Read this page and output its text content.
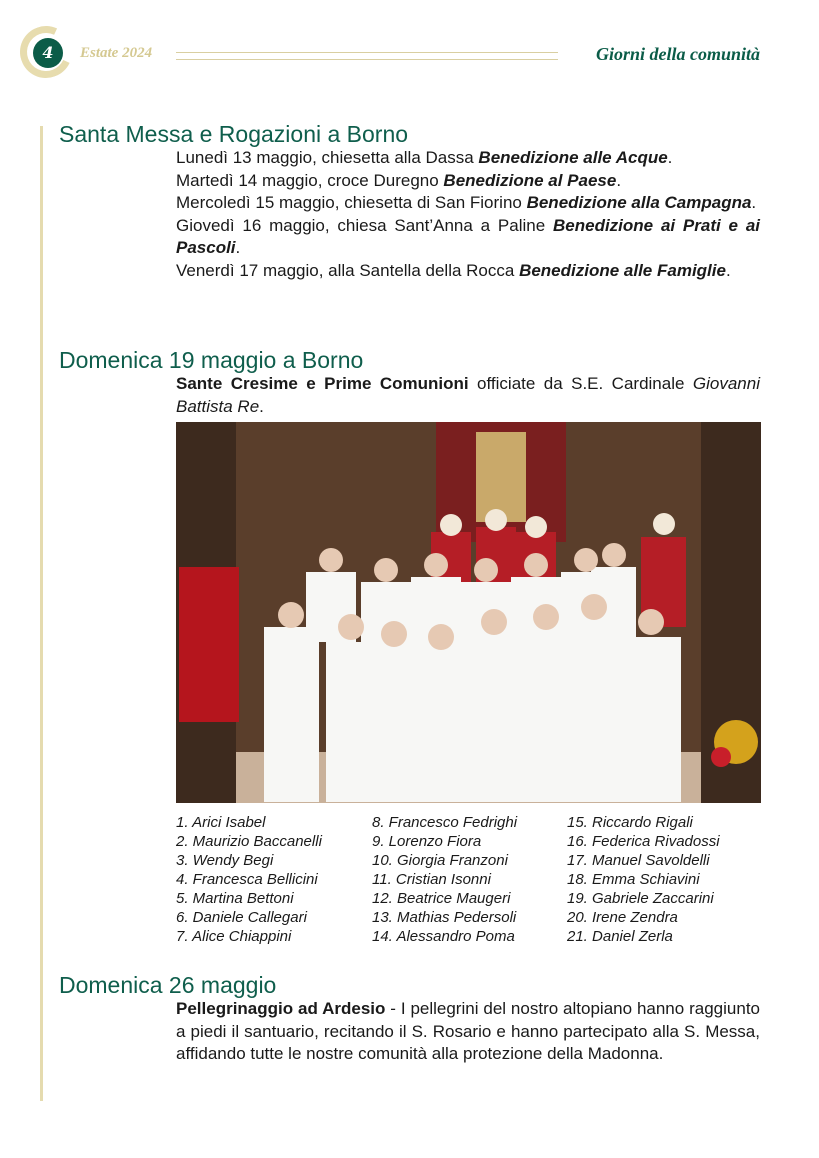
4	Estate 2024	Giorni della comunità
Santa Messa e Rogazioni a Borno

Lunedì 13 maggio, chiesetta alla Dassa Benedizione alle Acque.

Martedì 14 maggio, croce Duregno Benedizione al Paese.

Mercoledì 15 maggio, chiesetta di San Fiorino Benedizione alla Campagna.

Giovedì 16 maggio, chiesa Sant’Anna a Paline Benedizione ai Prati e ai Pascoli.

Venerdì 17 maggio, alla Santella della Rocca Benedizione alle Famiglie.

Domenica 19 maggio a Borno

Sante Cresime e Prime Comunioni officiate da S.E. Cardinale Giovanni Battista Re.

1. Arici Isabel
2. Maurizio Baccanelli
3. Wendy Begi
4. Francesca Bellicini
5. Martina Bettoni
6. Daniele Callegari
7. Alice Chiappini
8. Francesco Fedrighi
9. Lorenzo Fiora
10. Giorgia Franzoni
11. Cristian Isonni
12. Beatrice Maugeri
13. Mathias Pedersoli
14. Alessandro Poma
15. Riccardo Rigali
16. Federica Rivadossi
17. Manuel Savoldelli
18. Emma Schiavini
19. Gabriele Zaccarini
20. Irene Zendra
21. Daniel Zerla
Domenica 26 maggio

Pellegrinaggio ad Ardesio - I pellegrini del nostro altopiano hanno raggiunto a piedi il santuario, recitando il S. Rosario e hanno partecipato alla S. Messa, affidando tutte le nostre comunità alla protezione della Madonna.
